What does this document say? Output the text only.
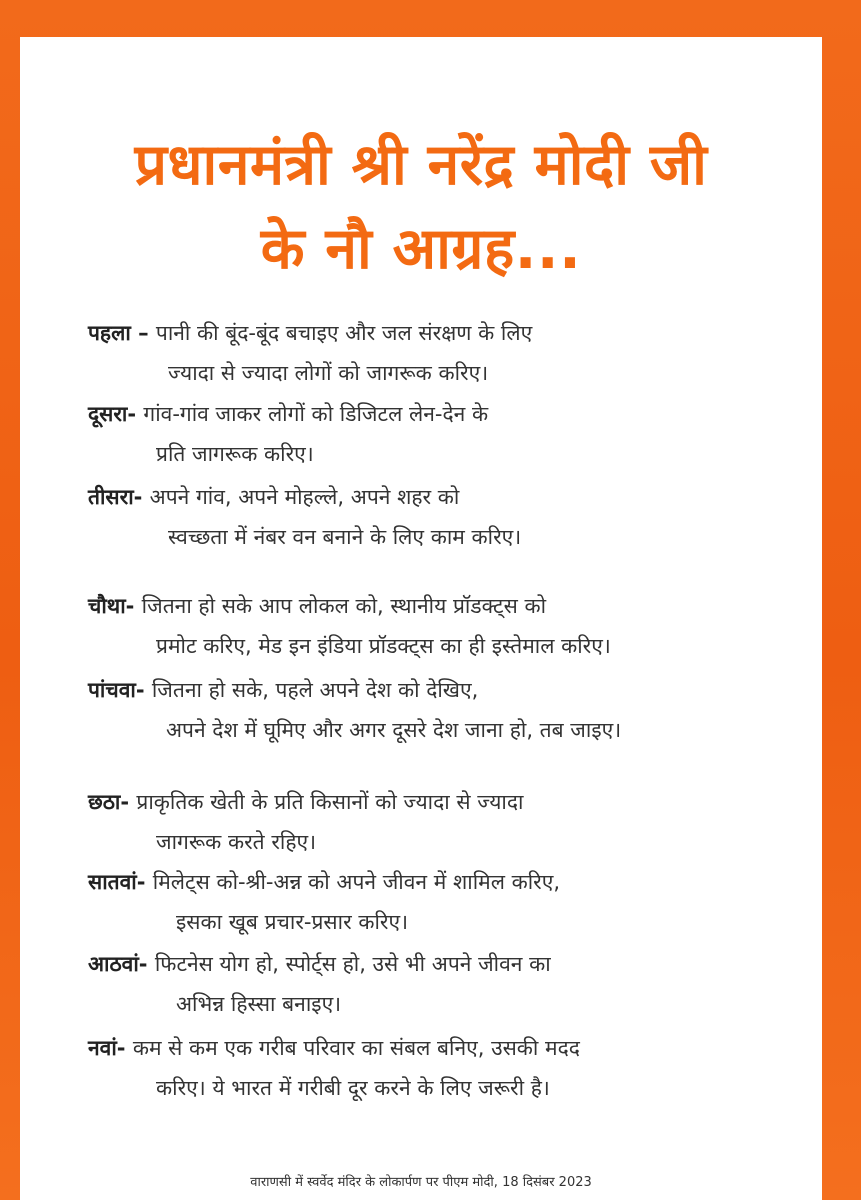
प्रधानमंत्री श्री नरेंद्र मोदी जी
के नौ आग्रह...
पहला – पानी की बूंद-बूंद बचाइए और जल संरक्षण के लिए
ज्यादा से ज्यादा लोगों को जागरूक करिए।
दूसरा- गांव-गांव जाकर लोगों को डिजिटल लेन-देन के
प्रति जागरूक करिए।
तीसरा- अपने गांव, अपने मोहल्ले, अपने शहर को
स्वच्छता में नंबर वन बनाने के लिए काम करिए।
चौथा- जितना हो सके आप लोकल को, स्थानीय प्रॉडक्ट्स को
प्रमोट करिए, मेड इन इंडिया प्रॉडक्ट्स का ही इस्तेमाल करिए।
पांचवा- जितना हो सके, पहले अपने देश को देखिए,
अपने देश में घूमिए और अगर दूसरे देश जाना हो, तब जाइए।
छठा- प्राकृतिक खेती के प्रति किसानों को ज्यादा से ज्यादा
जागरूक करते रहिए।
सातवां- मिलेट्स को-श्री-अन्न को अपने जीवन में शामिल करिए,
इसका खूब प्रचार-प्रसार करिए।
आठवां- फिटनेस योग हो, स्पोर्ट्स हो, उसे भी अपने जीवन का
अभिन्न हिस्सा बनाइए।
नवां- कम से कम एक गरीब परिवार का संबल बनिए, उसकी मदद
करिए। ये भारत में गरीबी दूर करने के लिए जरूरी है।
वाराणसी में स्वर्वेद मंदिर के लोकार्पण पर पीएम मोदी, 18 दिसंबर 2023
